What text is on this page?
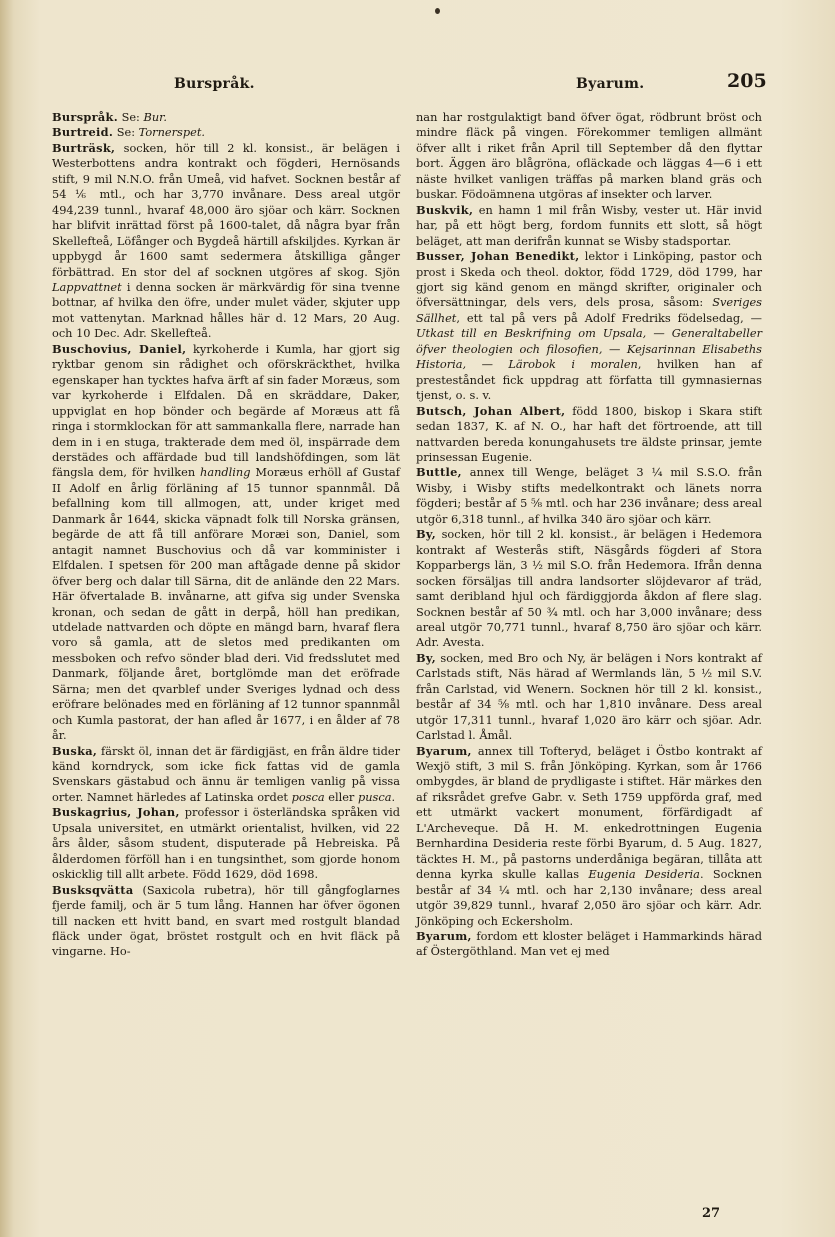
Burspråk.	Byarum.	205

Burspråk. Se: Bur.

Burtreid. Se: Tornerspet.

Burträsk, socken, hör till 2 kl. konsist., är belägen i Westerbottens andra kontrakt och fögderi, Hernösands stift, 9 mil N.N.O. från Umeå, vid hafvet. Socknen består af 54 ⅙ mtl., och har 3,770 invånare. Dess areal utgör 494,239 tunnl., hvaraf 48,000 äro sjöar och kärr. Socknen har blifvit inrättad först på 1600-talet, då några byar från Skellefteå, Löfånger och Bygdeå härtill afskiljdes. Kyrkan är uppbygd år 1600 samt sedermera åtskilliga gånger förbättrad. En stor del af socknen utgöres af skog. Sjön Lappvattnet i denna socken är märkvärdig för sina tvenne bottnar, af hvilka den öfre, under mulet väder, skjuter upp mot vattenytan. Marknad hålles här d. 12 Mars, 20 Aug. och 10 Dec. Adr. Skellefteå.

Buschovius, Daniel, kyrkoherde i Kumla, har gjort sig ryktbar genom sin rådighet och oförskräckthet, hvilka egenskaper han tycktes hafva ärft af sin fader Moræus, som var kyrkoherde i Elfdalen. Då en skräddare, Daker, uppviglat en hop bönder och begärde af Moræus att få ringa i stormklockan för att sammankalla flere, narrade han dem in i en stuga, trakterade dem med öl, inspärrade dem derstädes och affärdade bud till landshöfdingen, som lät fängsla dem, för hvilken handling Moræus erhöll af Gustaf II Adolf en årlig förläning af 15 tunnor spannmål. Då befallning kom till allmogen, att, under kriget med Danmark år 1644, skicka väpnadt folk till Norska gränsen, begärde de att få till anförare Moræi son, Daniel, som antagit namnet Buschovius och då var komminister i Elfdalen. I spetsen för 200 man aftågade denne på skidor öfver berg och dalar till Särna, dit de anlände den 22 Mars. Här öfvertalade B. invånarne, att gifva sig under Svenska kronan, och sedan de gått in derpå, höll han predikan, utdelade nattvarden och döpte en mängd barn, hvaraf flera voro så gamla, att de sletos med predikanten om messboken och refvo sönder blad deri. Vid fredsslutet med Danmark, följande året, bortglömde man det eröfrade Särna; men det qvarblef under Sveriges lydnad och dess eröfrare belönades med en förläning af 12 tunnor spannmål och Kumla pastorat, der han afled år 1677, i en ålder af 78 år.

Buska, färskt öl, innan det är färdigjäst, en från äldre tider känd korndryck, som icke fick fattas vid de gamla Svenskars gästabud och ännu är temligen vanlig på vissa orter. Namnet härledes af Latinska ordet posca eller pusca.

Buskagrius, Johan, professor i österländska språken vid Upsala universitet, en utmärkt orientalist, hvilken, vid 22 års ålder, såsom student, disputerade på Hebreiska. På ålderdomen förföll han i en tungsinthet, som gjorde honom oskicklig till allt arbete. Född 1629, död 1698.

Busksqvätta (Saxicola rubetra), hör till gångfoglarnes fjerde familj, och är 5 tum lång. Hannen har öfver ögonen till nacken ett hvitt band, en svart med rostgult blandad fläck under ögat, bröstet rostgult och en hvit fläck på vingarne. Ho-

nan har rostgulaktigt band öfver ögat, rödbrunt bröst och mindre fläck på vingen. Förekommer temligen allmänt öfver allt i riket från April till September då den flyttar bort. Äggen äro blågröna, ofläckade och läggas 4—6 i ett näste hvilket vanligen träffas på marken bland gräs och buskar. Födoämnena utgöras af insekter och larver.

Buskvik, en hamn 1 mil från Wisby, vester ut. Här invid har, på ett högt berg, fordom funnits ett slott, så högt beläget, att man derifrån kunnat se Wisby stadsportar.

Busser, Johan Benedikt, lektor i Linköping, pastor och prost i Skeda och theol. doktor, född 1729, död 1799, har gjort sig känd genom en mängd skrifter, originaler och öfversättningar, dels vers, dels prosa, såsom: Sveriges Sällhet, ett tal på vers på Adolf Fredriks födelsedag, — Utkast till en Beskrifning om Upsala, — Generaltabeller öfver theologien och filosofien, — Kejsarinnan Elisabeths Historia, — Lärobok i moralen, hvilken han af presteståndet fick uppdrag att författa till gymnasiernas tjenst, o. s. v.

Butsch, Johan Albert, född 1800, biskop i Skara stift sedan 1837, K. af N. O., har haft det förtroende, att till nattvarden bereda konungahusets tre äldste prinsar, jemte prinsessan Eugenie.

Buttle, annex till Wenge, beläget 3 ¼ mil S.S.O. från Wisby, i Wisby stifts medelkontrakt och länets norra fögderi; består af 5 ⅝ mtl. och har 236 invånare; dess areal utgör 6,318 tunnl., af hvilka 340 äro sjöar och kärr.

By, socken, hör till 2 kl. konsist., är belägen i Hedemora kontrakt af Westerås stift, Näsgårds fögderi af Stora Kopparbergs län, 3 ½ mil S.O. från Hedemora. Ifrån denna socken försäljas till andra landsorter slöjdevaror af träd, samt deribland hjul och färdiggjorda åkdon af flere slag. Socknen består af 50 ¾ mtl. och har 3,000 invånare; dess areal utgör 70,771 tunnl., hvaraf 8,750 äro sjöar och kärr. Adr. Avesta.

By, socken, med Bro och Ny, är belägen i Nors kontrakt af Carlstads stift, Näs härad af Wermlands län, 5 ½ mil S.V. från Carlstad, vid Wenern. Socknen hör till 2 kl. konsist., består af 34 ⅝ mtl. och har 1,810 invånare. Dess areal utgör 17,311 tunnl., hvaraf 1,020 äro kärr och sjöar. Adr. Carlstad l. Åmål.

Byarum, annex till Tofteryd, beläget i Östbo kontrakt af Wexjö stift, 3 mil S. från Jönköping. Kyrkan, som år 1766 ombygdes, är bland de prydligaste i stiftet. Här märkes den af riksrådet grefve Gabr. v. Seth 1759 uppförda graf, med ett utmärkt vackert monument, förfärdigadt af L'Archeveque. Då H. M. enkedrottningen Eugenia Bernhardina Desideria reste förbi Byarum, d. 5 Aug. 1827, täcktes H. M., på pastorns underdåniga begäran, tillåta att denna kyrka skulle kallas Eugenia Desideria. Socknen består af 34 ¼ mtl. och har 2,130 invånare; dess areal utgör 39,829 tunnl., hvaraf 2,050 äro sjöar och kärr. Adr. Jönköping och Eckersholm.

Byarum, fordom ett kloster beläget i Hammarkinds härad af Östergöthland. Man vet ej med

27
